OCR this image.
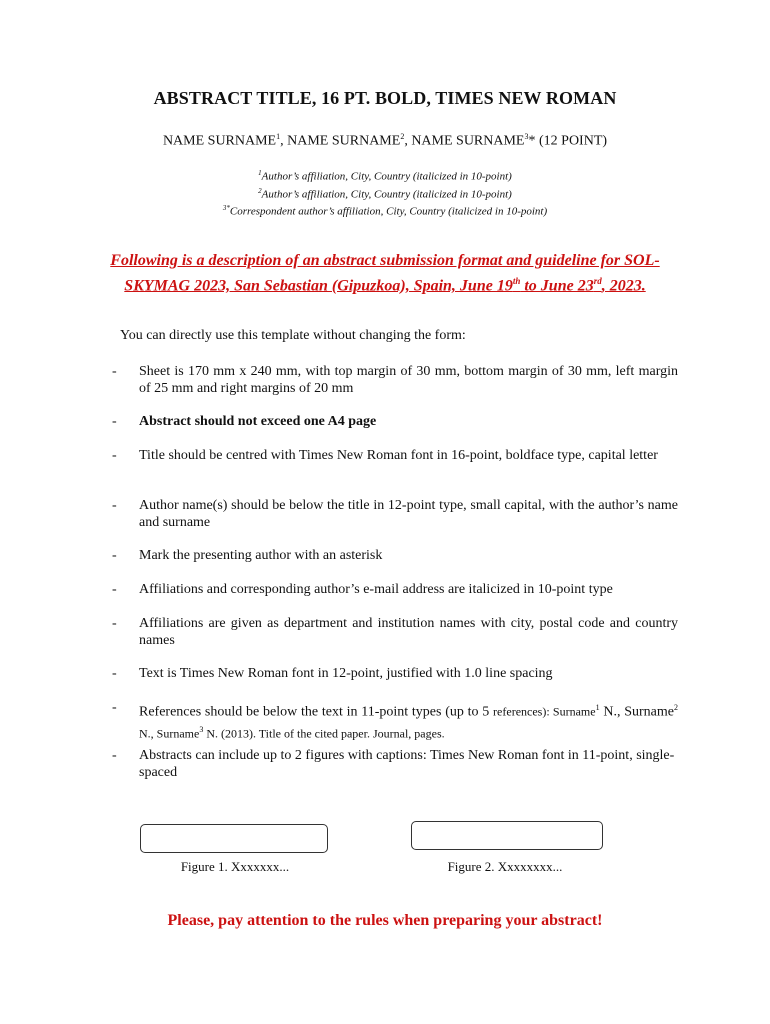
ABSTRACT TITLE, 16 PT. BOLD, TIMES NEW ROMAN
NAME SURNAME$^1$, NAME SURNAME$^2$, NAME SURNAME$^3$* (12 POINT)
$^1$Author’s affiliation, City, Country (italicized in 10-point)
$^2$Author’s affiliation, City, Country (italicized in 10-point)
$^{3*}$Correspondent author’s affiliation, City, Country (italicized in 10-point)
Following is a description of an abstract submission format and guideline for SOL-SKYMAG 2023, San Sebastian (Gipuzkoa), Spain, June 19th to June 23rd, 2023.
You can directly use this template without changing the form:
-	Sheet is 170 mm x 240 mm, with top margin of 30 mm, bottom margin of 30 mm, left margin of 25 mm and right margins of 20 mm
-	Abstract should not exceed one A4 page
-	Title should be centred with Times New Roman font in 16-point, boldface type, capital letter
-	Author name(s) should be below the title in 12-point type, small capital, with the author’s name and surname
-	Mark the presenting author with an asterisk
-	Affiliations and corresponding author’s e-mail address are italicized in 10-point type
-	Affiliations are given as department and institution names with city, postal code and country names
-	Text is Times New Roman font in 12-point, justified with 1.0 line spacing
-	References should be below the text in 11-point types (up to 5 references): Surname$^1$ N., Surname$^2$ N., Surname$^3$ N. (2013). Title of the cited paper. Journal, pages.
-	Abstracts can include up to 2 figures with captions: Times New Roman font in 11-point, single-spaced
Figure 1. Xxxxxxx...	Figure 2. Xxxxxxxx...
Please, pay attention to the rules when preparing your abstract!
